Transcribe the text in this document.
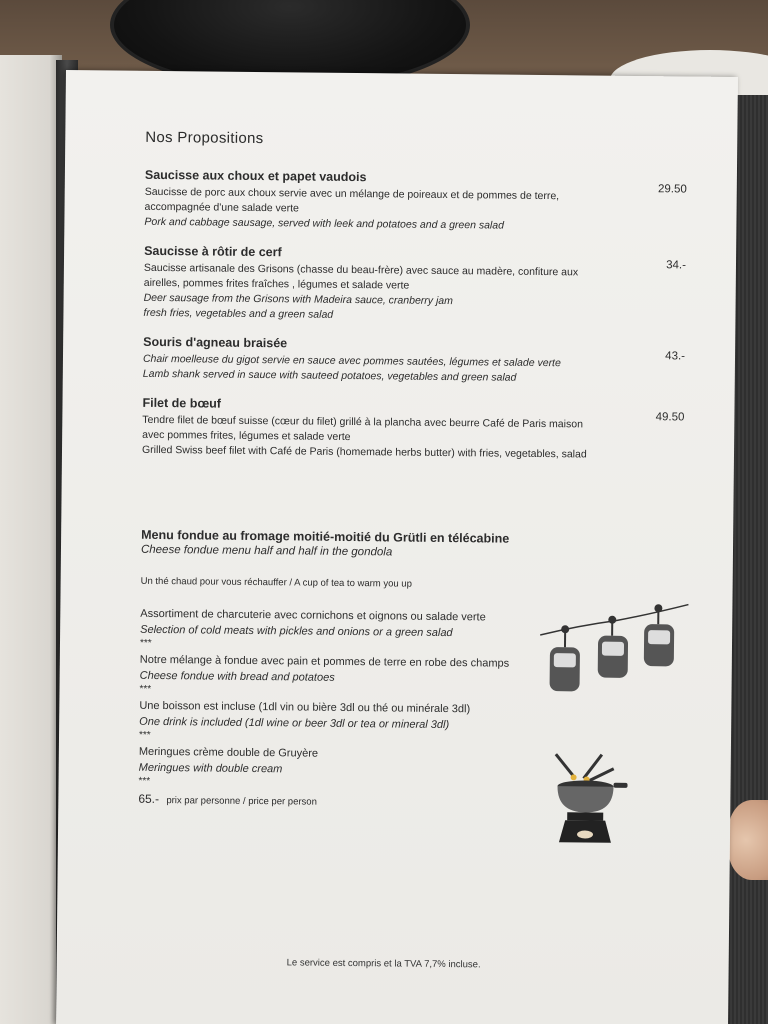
Nos Propositions
Saucisse aux choux et papet vaudois
29.50
Saucisse de porc aux choux servie avec un mélange de poireaux et de pommes de terre,
accompagnée d'une salade verte
Pork and cabbage sausage, served with leek and potatoes and a green salad
Saucisse à rôtir de cerf
34.-
Saucisse artisanale des Grisons (chasse du beau-frère) avec sauce au madère, confiture aux
airelles, pommes frites fraîches , légumes et salade verte
Deer sausage from the Grisons with Madeira sauce, cranberry jam
fresh fries, vegetables and a green salad
Souris d'agneau braisée
43.-
Chair moelleuse du gigot servie en sauce avec pommes sautées, légumes et salade verte
Lamb shank served in sauce with sauteed potatoes, vegetables and green salad
Filet de bœuf
49.50
Tendre filet de bœuf suisse (cœur du filet) grillé à la plancha avec beurre Café de Paris maison
avec pommes frites, légumes et salade verte
Grilled Swiss beef filet with Café de Paris (homemade herbs butter) with fries, vegetables, salad
Menu fondue au fromage moitié-moitié du Grütli en télécabine
Cheese fondue menu half and half in the gondola
Un thé chaud pour vous réchauffer / A cup of tea to warm you up
Assortiment de charcuterie avec cornichons et oignons ou salade verte
Selection of cold meats with pickles and onions or a green salad
***
Notre mélange à fondue avec pain et pommes de terre en robe des champs
Cheese fondue with bread and potatoes
***
Une boisson est incluse (1dl vin ou bière 3dl ou thé ou minérale 3dl)
One drink is included (1dl wine or beer 3dl or tea or mineral 3dl)
***
Meringues crème double de Gruyère
Meringues with double cream
***
65.- prix par personne / price per person
Le service est compris et la TVA 7,7% incluse.
